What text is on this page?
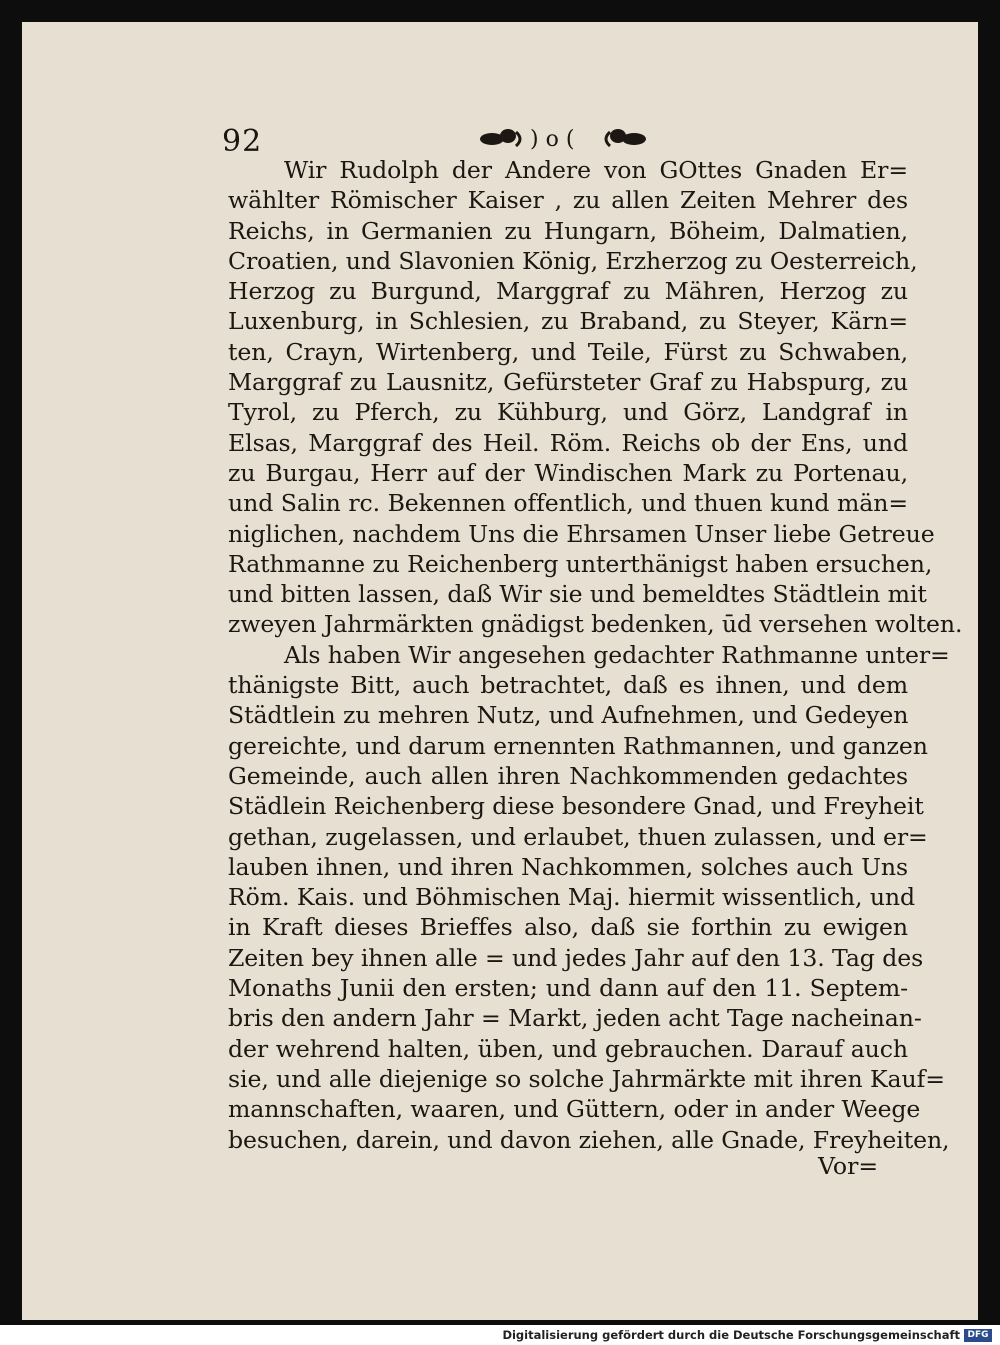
92	) o (
Wir Rudolph der Andere von GOttes Gnaden Er=
wählter Römischer Kaiser , zu allen Zeiten Mehrer des
Reichs, in Germanien zu Hungarn, Böheim, Dalmatien,
Croatien, und Slavonien König, Erzherzog zu Oesterreich,
Herzog zu Burgund, Marggraf zu Mähren, Herzog zu
Luxenburg, in Schlesien, zu Braband, zu Steyer, Kärn=
ten, Crayn, Wirtenberg, und Teile, Fürst zu Schwaben,
Marggraf zu Lausnitz, Gefürsteter Graf zu Habspurg, zu
Tyrol, zu Pferch, zu Kühburg, und Görz, Landgraf in
Elsas, Marggraf des Heil. Röm. Reichs ob der Ens, und
zu Burgau, Herr auf der Windischen Mark zu Portenau,
und Salin rc. Bekennen offentlich, und thuen kund män=
niglichen, nachdem Uns die Ehrsamen Unser liebe Getreue
Rathmanne zu Reichenberg unterthänigst haben ersuchen,
und bitten lassen, daß Wir sie und bemeldtes Städtlein mit
zweyen Jahrmärkten gnädigst bedenken, ūd versehen wolten.
Als haben Wir angesehen gedachter Rathmanne unter=
thänigste Bitt, auch betrachtet, daß es ihnen, und dem
Städtlein zu mehren Nutz, und Aufnehmen, und Gedeyen
gereichte, und darum ernennten Rathmannen, und ganzen
Gemeinde, auch allen ihren Nachkommenden gedachtes
Städlein Reichenberg diese besondere Gnad, und Freyheit
gethan, zugelassen, und erlaubet, thuen zulassen, und er=
lauben ihnen, und ihren Nachkommen, solches auch Uns
Röm. Kais. und Böhmischen Maj. hiermit wissentlich, und
in Kraft dieses Brieffes also, daß sie forthin zu ewigen
Zeiten bey ihnen alle = und jedes Jahr auf den 13. Tag des
Monaths Junii den ersten; und dann auf den 11. Septem-
bris den andern Jahr = Markt, jeden acht Tage nacheinan-
der wehrend halten, üben, und gebrauchen. Darauf auch
sie, und alle diejenige so solche Jahrmärkte mit ihren Kauf=
mannschaften, waaren, und Güttern, oder in ander Weege
besuchen, darein, und davon ziehen, alle Gnade, Freyheiten,
Vor=
Digitalisierung gefördert durch die Deutsche Forschungsgemeinschaft DFG
